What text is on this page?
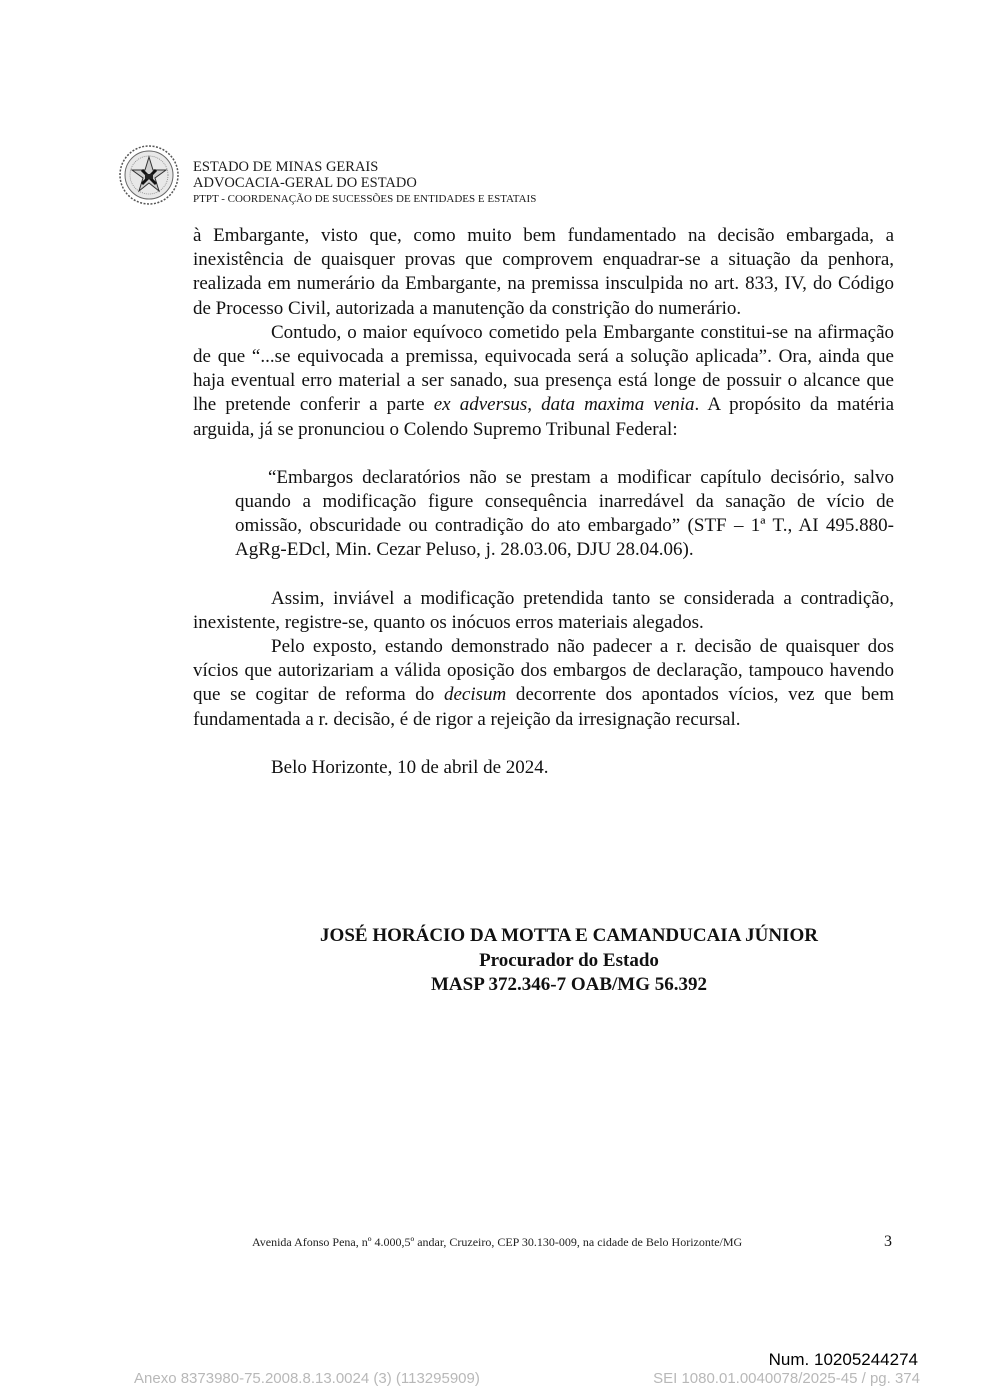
ESTADO DE MINAS GERAIS
ADVOCACIA-GERAL DO ESTADO
PTPT - COORDENAÇÃO DE SUCESSÕES DE ENTIDADES E ESTATAIS

à Embargante, visto que, como muito bem fundamentado na decisão embargada, a inexistência de quaisquer provas que comprovem enquadrar-se a situação da penhora, realizada em numerário da Embargante, na premissa insculpida no art. 833, IV, do Código de Processo Civil, autorizada a manutenção da constrição do numerário.

Contudo, o maior equívoco cometido pela Embargante constitui-se na afirmação de que “...se equivocada a premissa, equivocada será a solução aplicada”. Ora, ainda que haja eventual erro material a ser sanado, sua presença está longe de possuir o alcance que lhe pretende conferir a parte ex adversus, data maxima venia. A propósito da matéria arguida, já se pronunciou o Colendo Supremo Tribunal Federal:

“Embargos declaratórios não se prestam a modificar capítulo decisório, salvo quando a modificação figure consequência inarredável da sanação de vício de omissão, obscuridade ou contradição do ato embargado” (STF – 1ª T., AI 495.880-AgRg-EDcl, Min. Cezar Peluso, j. 28.03.06, DJU 28.04.06).

Assim, inviável a modificação pretendida tanto se considerada a contradição, inexistente, registre-se, quanto os inócuos erros materiais alegados.

Pelo exposto, estando demonstrado não padecer a r. decisão de quaisquer dos vícios que autorizariam a válida oposição dos embargos de declaração, tampouco havendo que se cogitar de reforma do decisum decorrente dos apontados vícios, vez que bem fundamentada a r. decisão, é de rigor a rejeição da irresignação recursal.

Belo Horizonte, 10 de abril de 2024.

JOSÉ HORÁCIO DA MOTTA E CAMANDUCAIA JÚNIOR
Procurador do Estado
MASP 372.346-7 OAB/MG 56.392
Avenida Afonso Pena, nº 4.000,5º andar, Cruzeiro, CEP 30.130-009, na cidade de Belo Horizonte/MG	3
Num. 10205244274
Anexo 8373980-75.2008.8.13.0024 (3) (113295909)	SEI 1080.01.0040078/2025-45 / pg. 374
